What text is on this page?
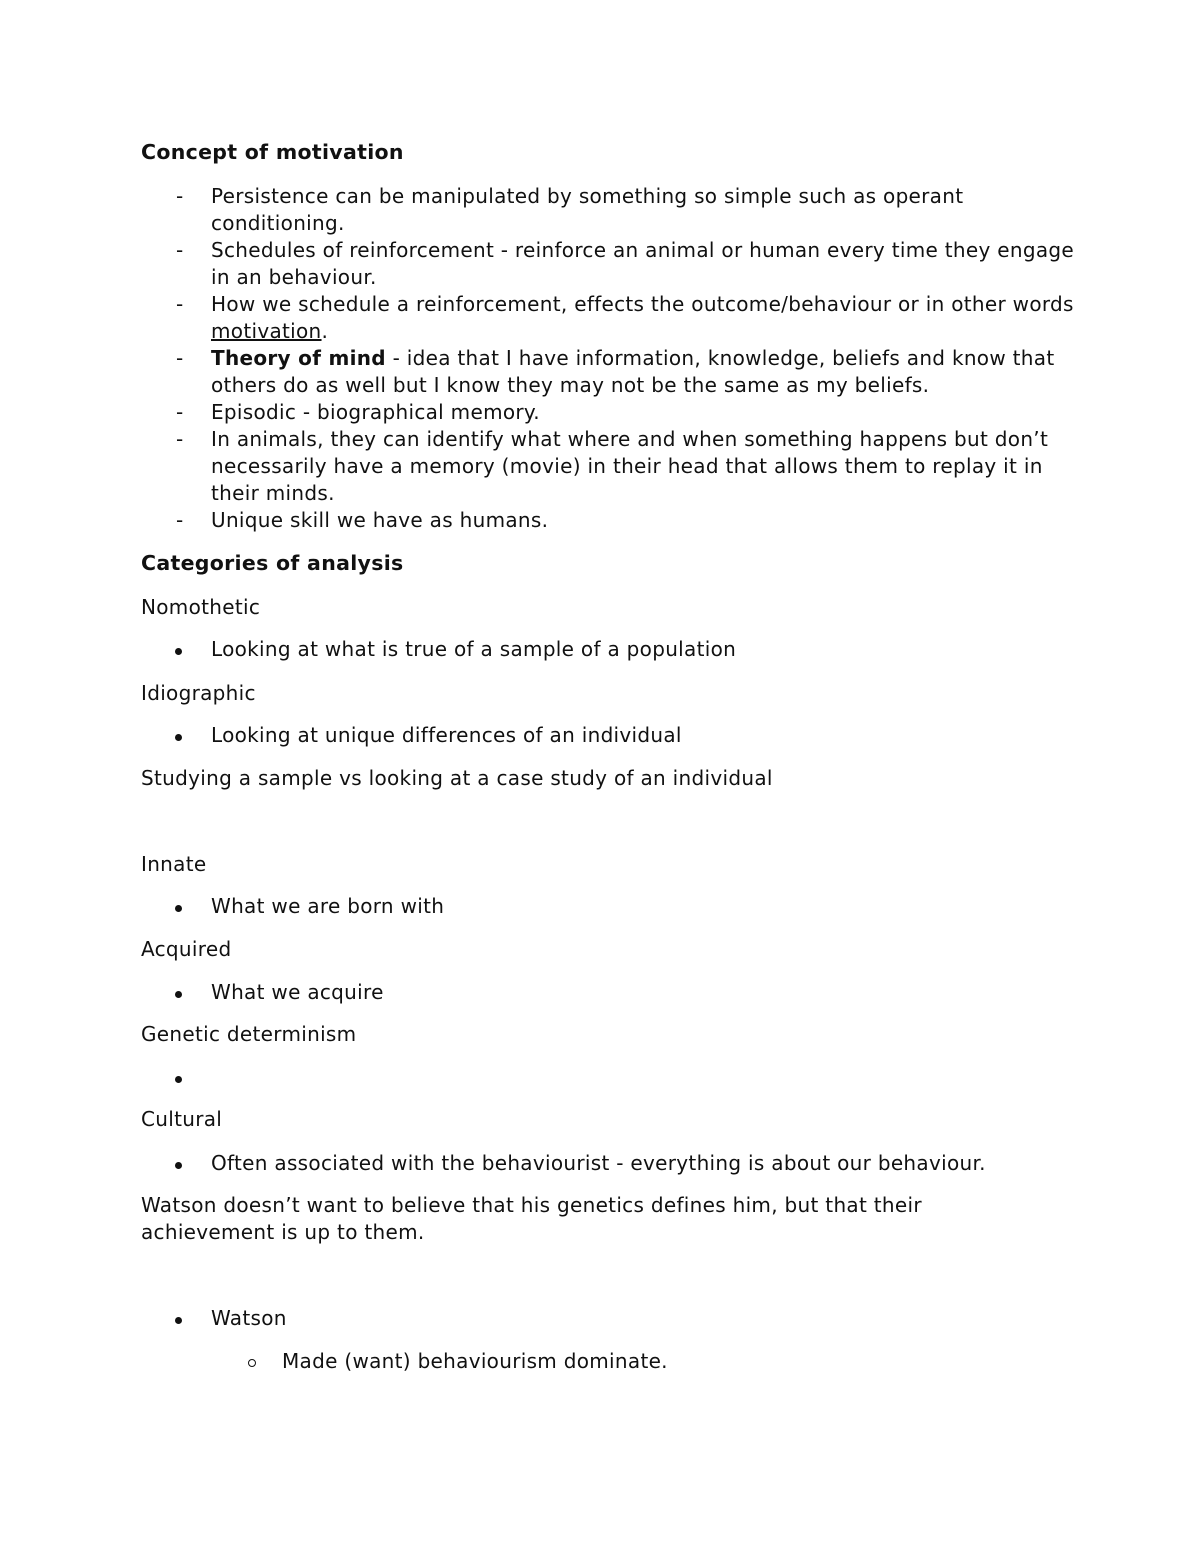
Concept of motivation
- Persistence can be manipulated by something so simple such as operant conditioning.
- Schedules of reinforcement - reinforce an animal or human every time they engage in an behaviour.
- How we schedule a reinforcement, effects the outcome/behaviour or in other words motivation.
- Theory of mind - idea that I have information, knowledge, beliefs and know that others do as well but I know they may not be the same as my beliefs.
- Episodic - biographical memory.
- In animals, they can identify what where and when something happens but don’t necessarily have a memory (movie) in their head that allows them to replay it in their minds.
- Unique skill we have as humans.
Categories of analysis
Nomothetic
Looking at what is true of a sample of a population
Idiographic
Looking at unique differences of an individual
Studying a sample vs looking at a case study of an individual
Innate
What we are born with
Acquired
What we acquire
Genetic determinism
Cultural
Often associated with the behaviourist - everything is about our behaviour.
Watson doesn’t want to believe that his genetics defines him, but that their achievement is up to them.
Watson
Made (want) behaviourism dominate.
